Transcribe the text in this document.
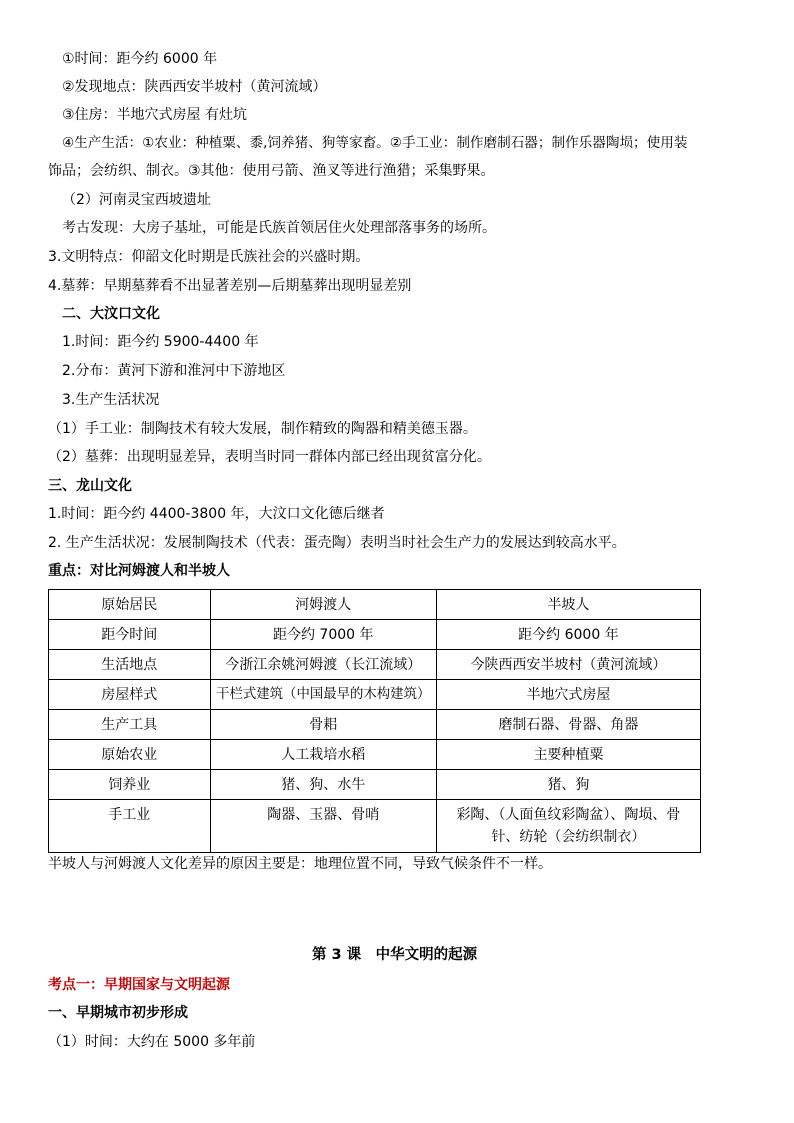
①时间：距今约 6000 年
②发现地点：陕西西安半坡村（黄河流域）
③住房：半地穴式房屋 有灶坑
④生产生活：①农业：种植粟、黍,饲养猪、狗等家畜。②手工业：制作磨制石器；制作乐器陶埙；使用装
饰品；会纺织、制衣。③其他：使用弓箭、渔叉等进行渔猎；采集野果。
（2）河南灵宝西坡遗址
考古发现：大房子基址，可能是氏族首领居住火处理部落事务的场所。
3.文明特点：仰韶文化时期是氏族社会的兴盛时期。
4.墓葬：早期墓葬看不出显著差别—后期墓葬出现明显差别
二、大汶口文化
1.时间：距今约 5900-4400 年
2.分布：黄河下游和淮河中下游地区
3.生产生活状况
（1）手工业：制陶技术有较大发展，制作精致的陶器和精美德玉器。
（2）墓葬：出现明显差异，表明当时同一群体内部已经出现贫富分化。
三、龙山文化
1.时间：距今约 4400-3800 年，大汶口文化德后继者
2. 生产生活状况：发展制陶技术（代表：蛋壳陶）表明当时社会生产力的发展达到较高水平。
重点：对比河姆渡人和半坡人
原始居民	河姆渡人	半坡人
距今时间	距今约 7000 年	距今约 6000 年
生活地点	今浙江余姚河姆渡（长江流域）	今陕西西安半坡村（黄河流域）
房屋样式	干栏式建筑（中国最早的木构建筑）	半地穴式房屋
生产工具	骨耜	磨制石器、骨器、角器
原始农业	人工栽培水稻	主要种植粟
饲养业	猪、狗、水牛	猪、狗
手工业	陶器、玉器、骨哨	彩陶、（人面鱼纹彩陶盆）、陶埙、骨针、纺轮（会纺织制衣）
半坡人与河姆渡人文化差异的原因主要是：地理位置不同，导致气候条件不一样。
第 3 课　中华文明的起源
考点一：早期国家与文明起源
一、早期城市初步形成
（1）时间：大约在 5000 多年前
